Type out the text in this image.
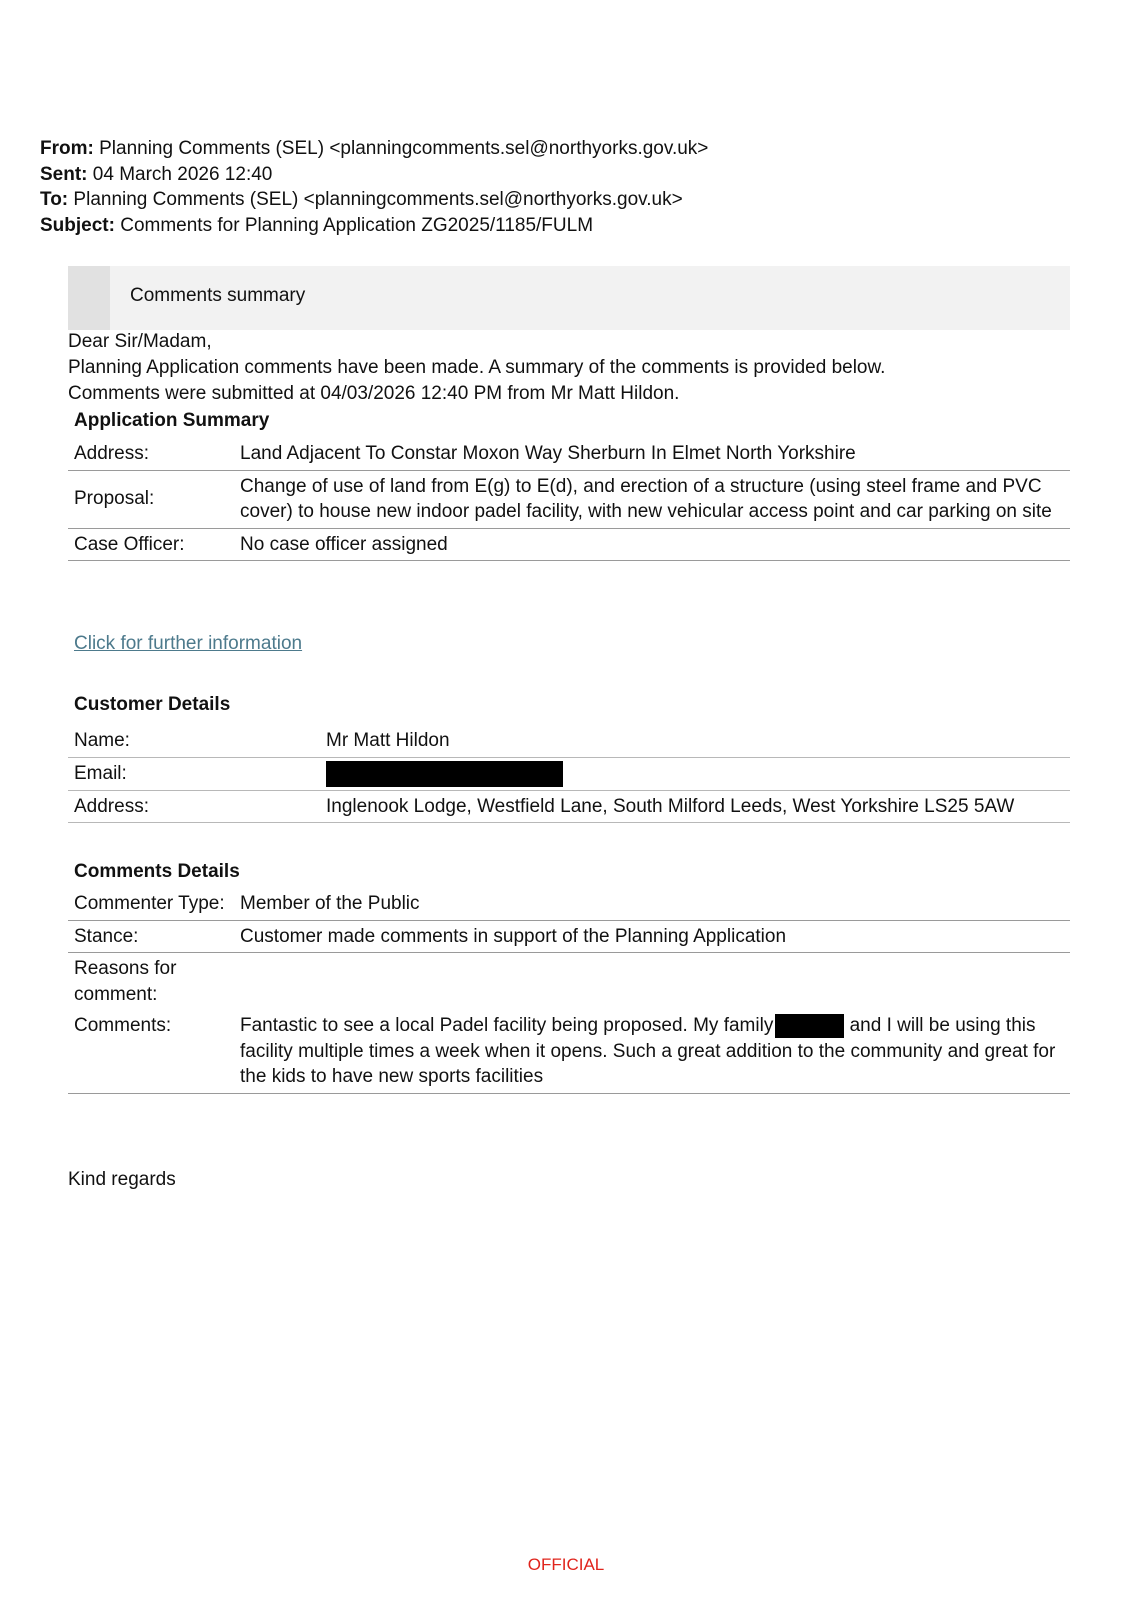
From: Planning Comments (SEL) <planningcomments.sel@northyorks.gov.uk>
Sent: 04 March 2026 12:40
To: Planning Comments (SEL) <planningcomments.sel@northyorks.gov.uk>
Subject: Comments for Planning Application ZG2025/1185/FULM
Comments summary
Dear Sir/Madam,
Planning Application comments have been made. A summary of the comments is provided below.
Comments were submitted at 04/03/2026 12:40 PM from Mr Matt Hildon.
Application Summary
Address:	Land Adjacent To Constar Moxon Way Sherburn In Elmet North Yorkshire
Proposal:	Change of use of land from E(g) to E(d), and erection of a structure (using steel frame and PVC cover) to house new indoor padel facility, with new vehicular access point and car parking on site
Case Officer:	No case officer assigned
Click for further information
Customer Details
Name:	Mr Matt Hildon
Email:	
Address:	Inglenook Lodge, Westfield Lane, South Milford Leeds, West Yorkshire LS25 5AW
Comments Details
Commenter Type:	Member of the Public
Stance:	Customer made comments in support of the Planning Application
Reasons for comment:	
Comments:	Fantastic to see a local Padel facility being proposed. My family and I will be using this facility multiple times a week when it opens. Such a great addition to the community and great for the kids to have new sports facilities
Kind regards
OFFICIAL
